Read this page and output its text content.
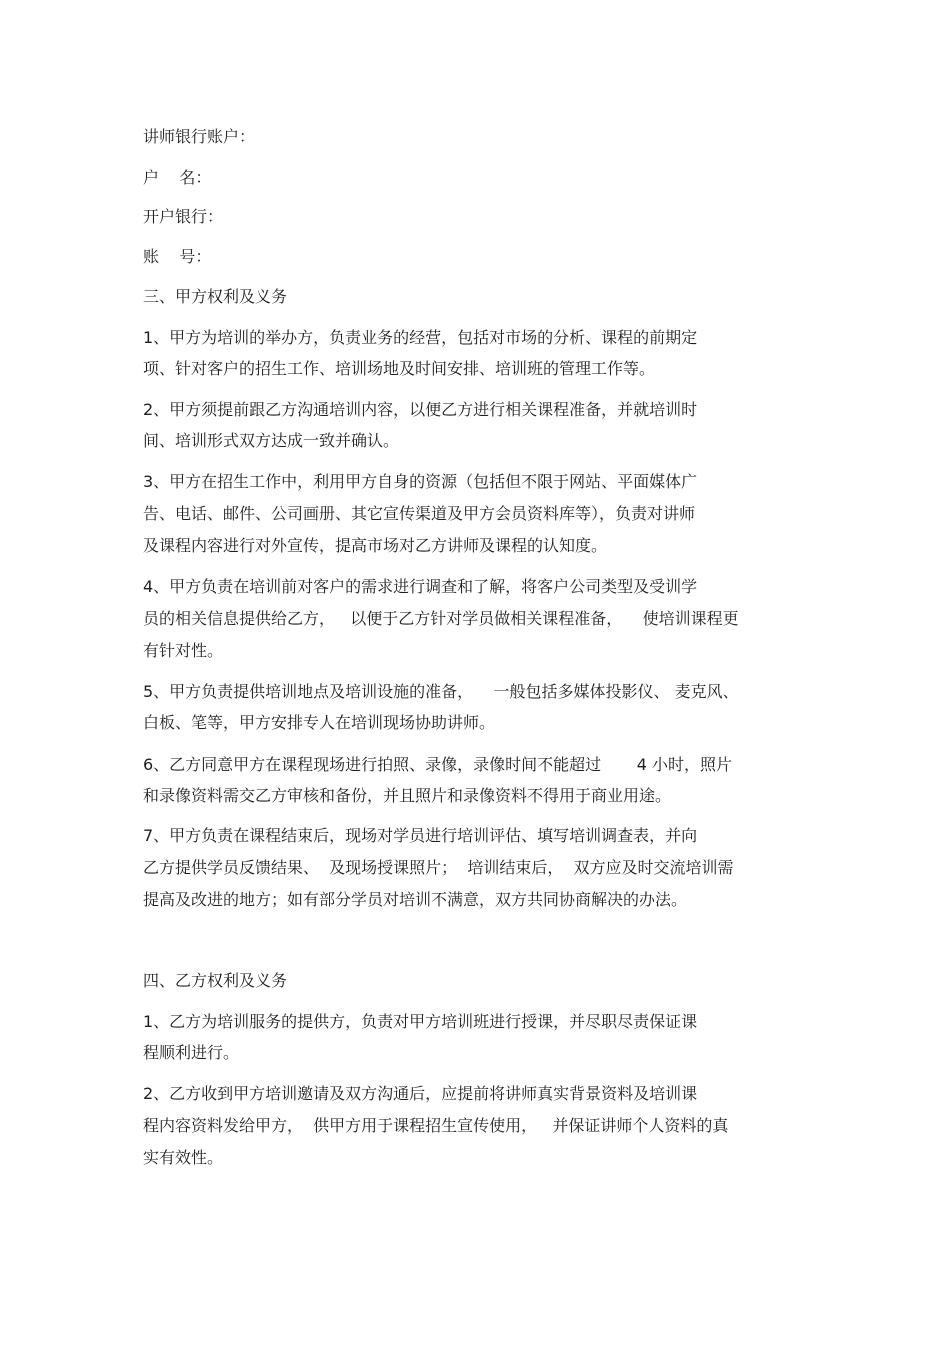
讲师银行账户：
户    名：
开户银行：
账    号：
三、甲方权利及义务
1、甲方为培训的举办方，负责业务的经营，包括对市场的分析、课程的前期定
项、针对客户的招生工作、培训场地及时间安排、培训班的管理工作等。
2、甲方须提前跟乙方沟通培训内容，以便乙方进行相关课程准备，并就培训时
间、培训形式双方达成一致并确认。
3、甲方在招生工作中，利用甲方自身的资源（包括但不限于网站、平面媒体广
告、电话、邮件、公司画册、其它宣传渠道及甲方会员资料库等），负责对讲师
及课程内容进行对外宣传，提高市场对乙方讲师及课程的认知度。
4、甲方负责在培训前对客户的需求进行调查和了解，将客户公司类型及受训学
员的相关信息提供给乙方，   以便于乙方针对学员做相关课程准备，    使培训课程更
有针对性。
5、甲方负责提供培训地点及培训设施的准备，    一般包括多媒体投影仪、 麦克风、
白板、笔等，甲方安排专人在培训现场协助讲师。
6、乙方同意甲方在课程现场进行拍照、录像，录像时间不能超过       4 小时，照片
和录像资料需交乙方审核和备份，并且照片和录像资料不得用于商业用途。
7、甲方负责在课程结束后，现场对学员进行培训评估、填写培训调查表，并向
乙方提供学员反馈结果、  及现场授课照片；  培训结束后，  双方应及时交流培训需
提高及改进的地方；如有部分学员对培训不满意，双方共同协商解决的办法。
四、乙方权利及义务
1、乙方为培训服务的提供方，负责对甲方培训班进行授课，并尽职尽责保证课
程顺利进行。
2、乙方收到甲方培训邀请及双方沟通后，应提前将讲师真实背景资料及培训课
程内容资料发给甲方，  供甲方用于课程招生宣传使用，   并保证讲师个人资料的真
实有效性。
